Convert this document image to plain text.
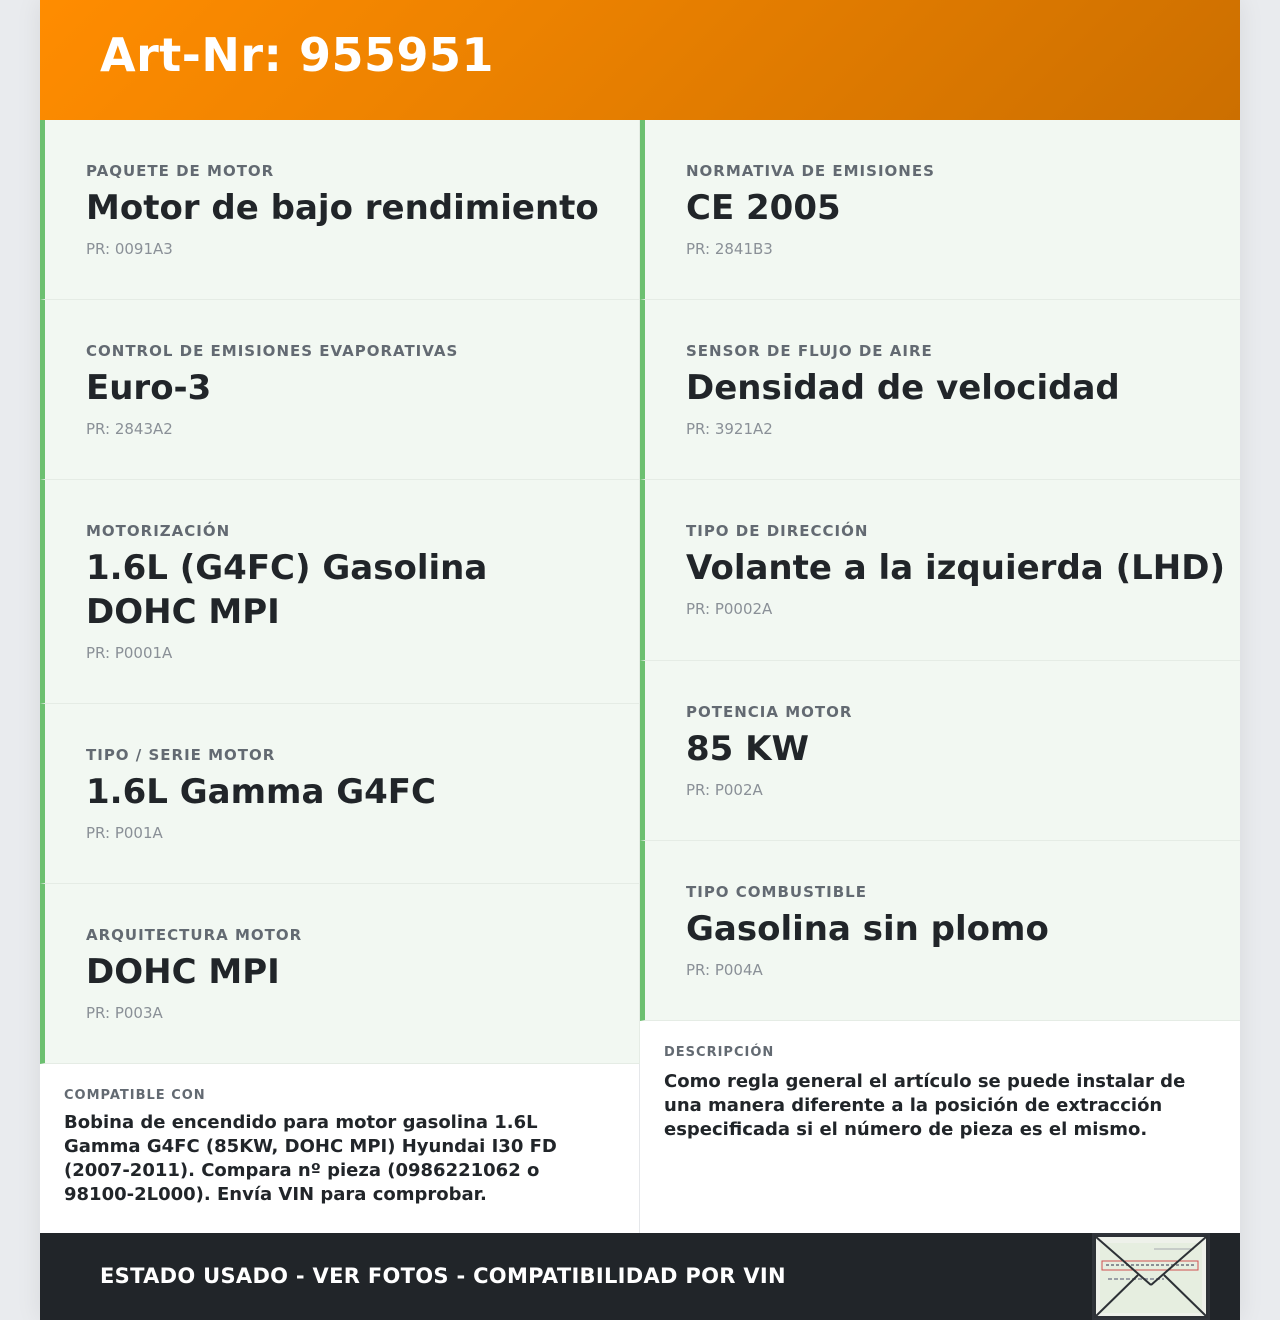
Art-Nr: 955951
PAQUETE DE MOTOR
Motor de bajo rendimiento
PR: 0091A3
CONTROL DE EMISIONES EVAPORATIVAS
Euro-3
PR: 2843A2
MOTORIZACIÓN
1.6L (G4FC) Gasolina DOHC MPI
PR: P0001A
TIPO / SERIE MOTOR
1.6L Gamma G4FC
PR: P001A
ARQUITECTURA MOTOR
DOHC MPI
PR: P003A
NORMATIVA DE EMISIONES
CE 2005
PR: 2841B3
SENSOR DE FLUJO DE AIRE
Densidad de velocidad
PR: 3921A2
TIPO DE DIRECCIÓN
Volante a la izquierda (LHD)
PR: P0002A
POTENCIA MOTOR
85 KW
PR: P002A
TIPO COMBUSTIBLE
Gasolina sin plomo
PR: P004A
COMPATIBLE CON
Bobina de encendido para motor gasolina 1.6L Gamma G4FC (85KW, DOHC MPI) Hyundai I30 FD (2007-2011). Compara nº pieza (0986221062 o 98100-2L000). Envía VIN para comprobar.
DESCRIPCIÓN
Como regla general el artículo se puede instalar de una manera diferente a la posición de extracción especificada si el número de pieza es el mismo.
ESTADO USADO - VER FOTOS - COMPATIBILIDAD POR VIN
